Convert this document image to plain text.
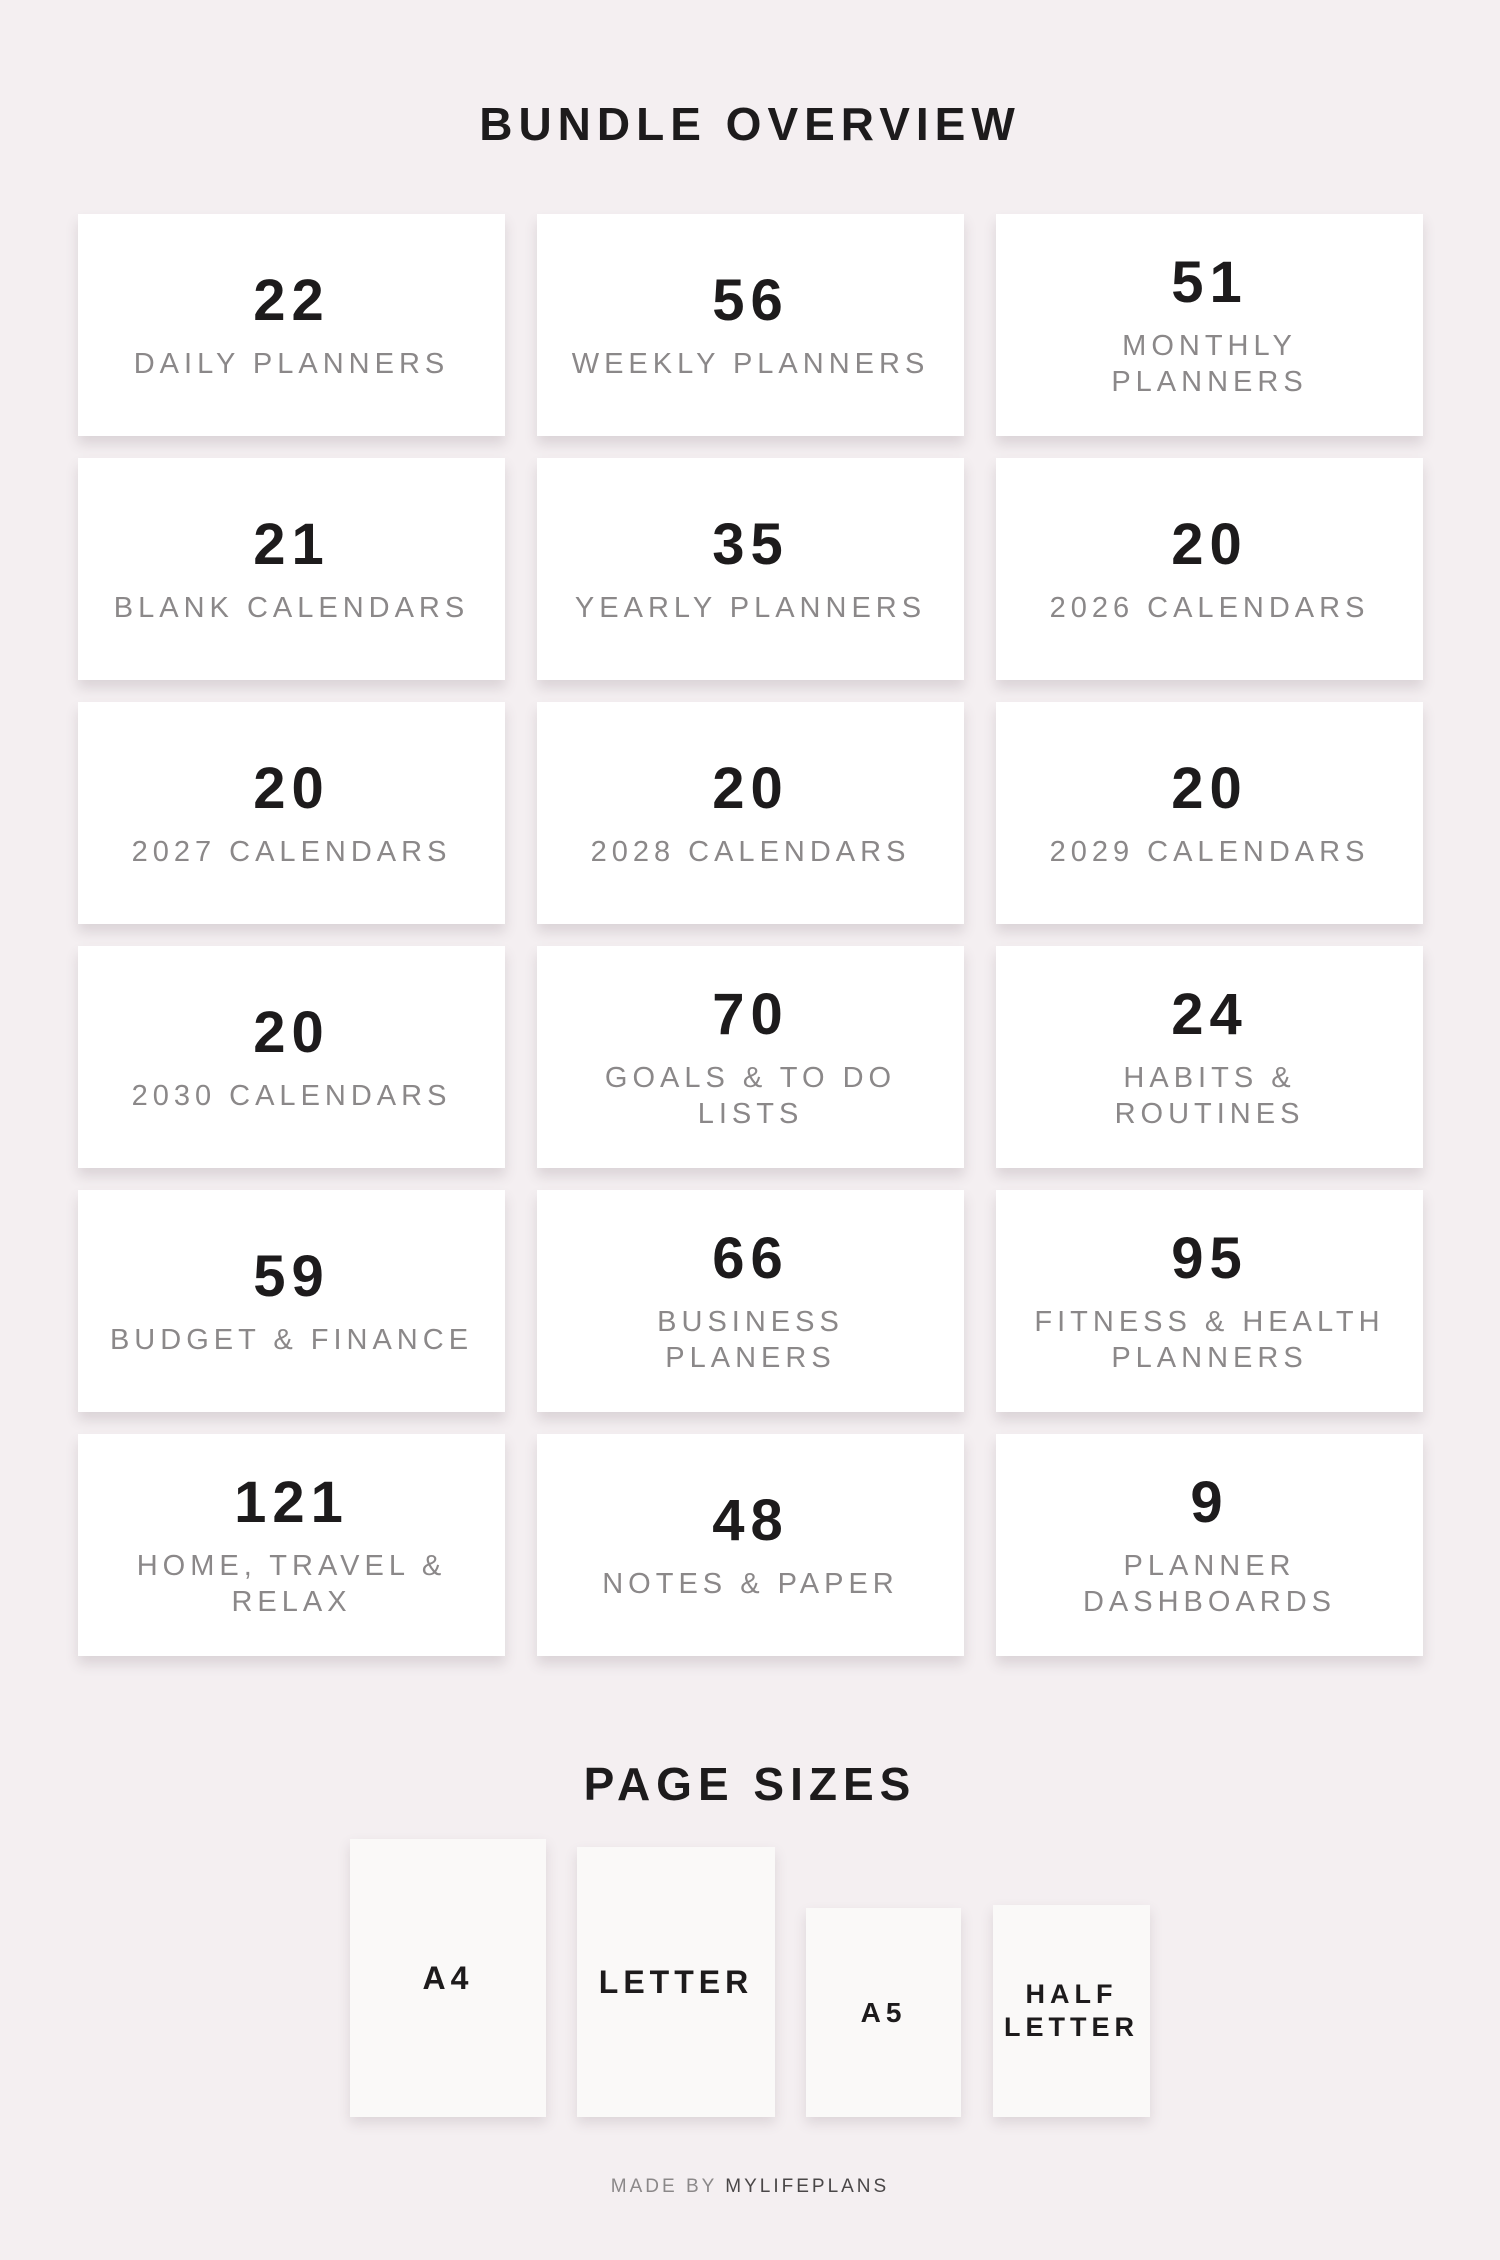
BUNDLE OVERVIEW
22
DAILY PLANNERS
56
WEEKLY PLANNERS
51
MONTHLY PLANNERS
21
BLANK CALENDARS
35
YEARLY PLANNERS
20
2026 CALENDARS
20
2027 CALENDARS
20
2028 CALENDARS
20
2029 CALENDARS
20
2030 CALENDARS
70
GOALS & TO DO LISTS
24
HABITS & ROUTINES
59
BUDGET & FINANCE
66
BUSINESS PLANERS
95
FITNESS & HEALTH PLANNERS
121
HOME, TRAVEL & RELAX
48
NOTES & PAPER
9
PLANNER DASHBOARDS
PAGE SIZES
A4	LETTER
A5
HALF
LETTER
MADE BY MYLIFEPLANS
